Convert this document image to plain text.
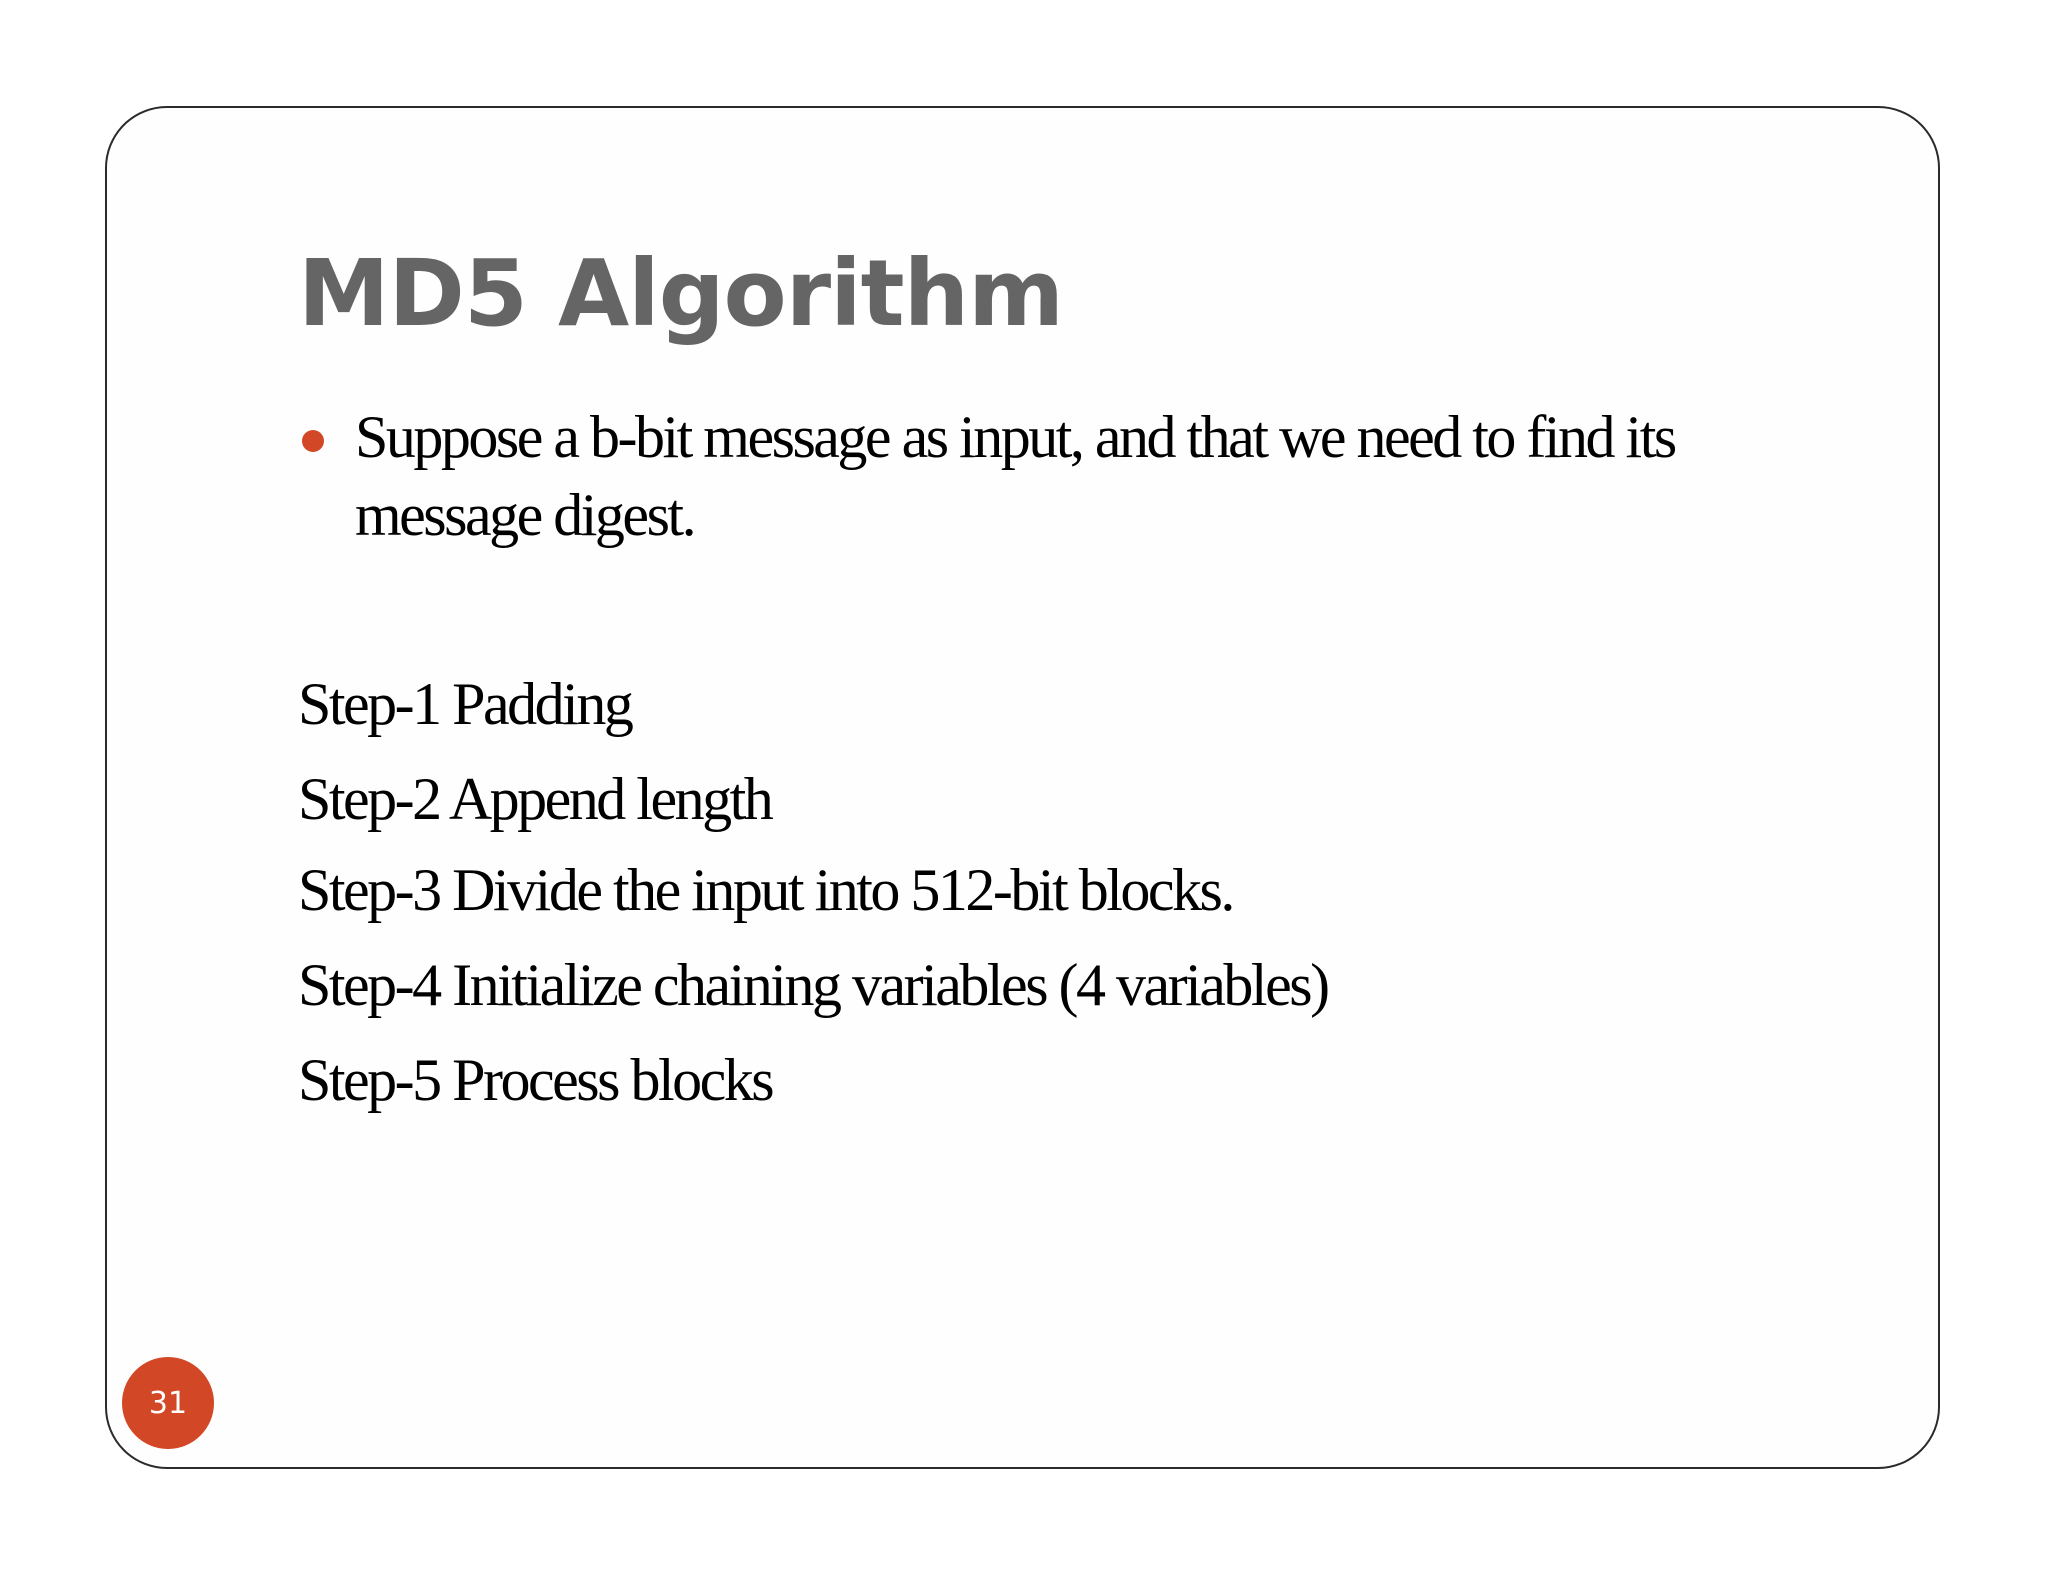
MD5 Algorithm

Suppose a b-bit message as input, and that we need to find its message digest.

Step-1 Padding

Step-2 Append length

Step-3 Divide the input into 512-bit blocks.

Step-4 Initialize chaining variables (4 variables)

Step-5 Process blocks

31
